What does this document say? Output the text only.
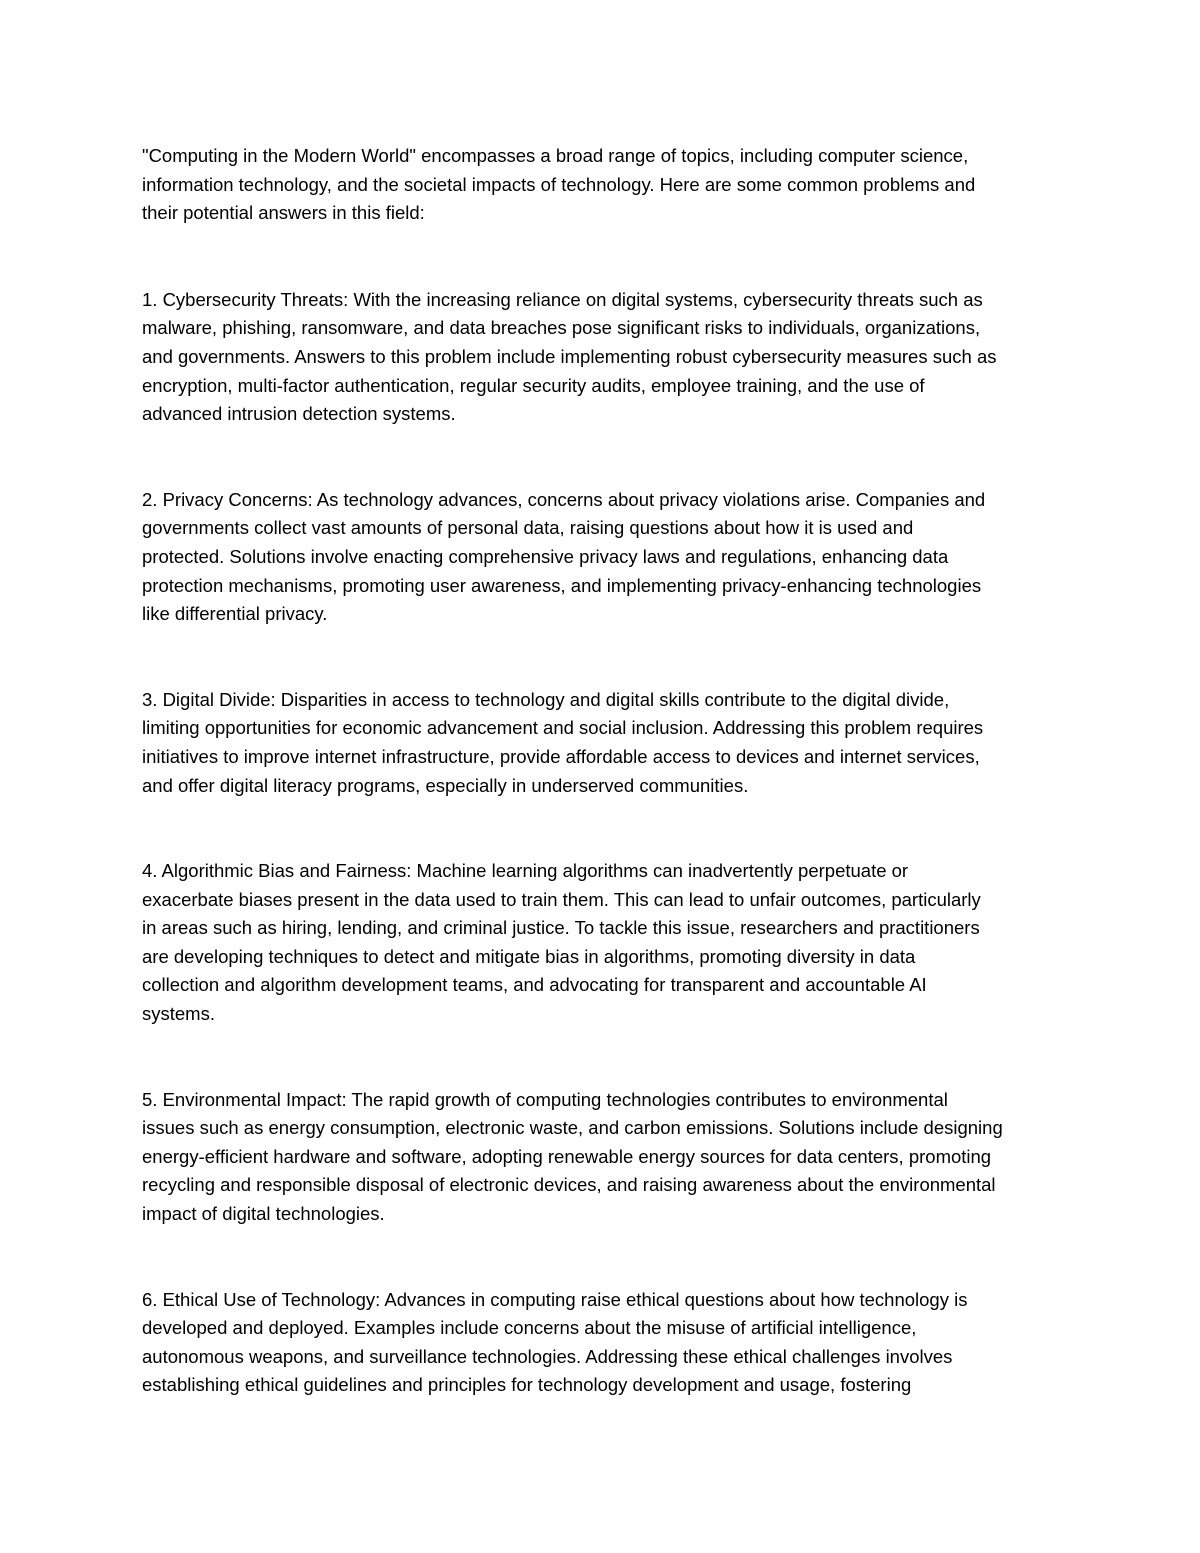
"Computing in the Modern World" encompasses a broad range of topics, including computer science,
information technology, and the societal impacts of technology. Here are some common problems and
their potential answers in this field:
1. Cybersecurity Threats: With the increasing reliance on digital systems, cybersecurity threats such as
malware, phishing, ransomware, and data breaches pose significant risks to individuals, organizations,
and governments. Answers to this problem include implementing robust cybersecurity measures such as
encryption, multi-factor authentication, regular security audits, employee training, and the use of
advanced intrusion detection systems.
2. Privacy Concerns: As technology advances, concerns about privacy violations arise. Companies and
governments collect vast amounts of personal data, raising questions about how it is used and
protected. Solutions involve enacting comprehensive privacy laws and regulations, enhancing data
protection mechanisms, promoting user awareness, and implementing privacy-enhancing technologies
like differential privacy.
3. Digital Divide: Disparities in access to technology and digital skills contribute to the digital divide,
limiting opportunities for economic advancement and social inclusion. Addressing this problem requires
initiatives to improve internet infrastructure, provide affordable access to devices and internet services,
and offer digital literacy programs, especially in underserved communities.
4. Algorithmic Bias and Fairness: Machine learning algorithms can inadvertently perpetuate or
exacerbate biases present in the data used to train them. This can lead to unfair outcomes, particularly
in areas such as hiring, lending, and criminal justice. To tackle this issue, researchers and practitioners
are developing techniques to detect and mitigate bias in algorithms, promoting diversity in data
collection and algorithm development teams, and advocating for transparent and accountable AI
systems.
5. Environmental Impact: The rapid growth of computing technologies contributes to environmental
issues such as energy consumption, electronic waste, and carbon emissions. Solutions include designing
energy-efficient hardware and software, adopting renewable energy sources for data centers, promoting
recycling and responsible disposal of electronic devices, and raising awareness about the environmental
impact of digital technologies.
6. Ethical Use of Technology: Advances in computing raise ethical questions about how technology is
developed and deployed. Examples include concerns about the misuse of artificial intelligence,
autonomous weapons, and surveillance technologies. Addressing these ethical challenges involves
establishing ethical guidelines and principles for technology development and usage, fostering
